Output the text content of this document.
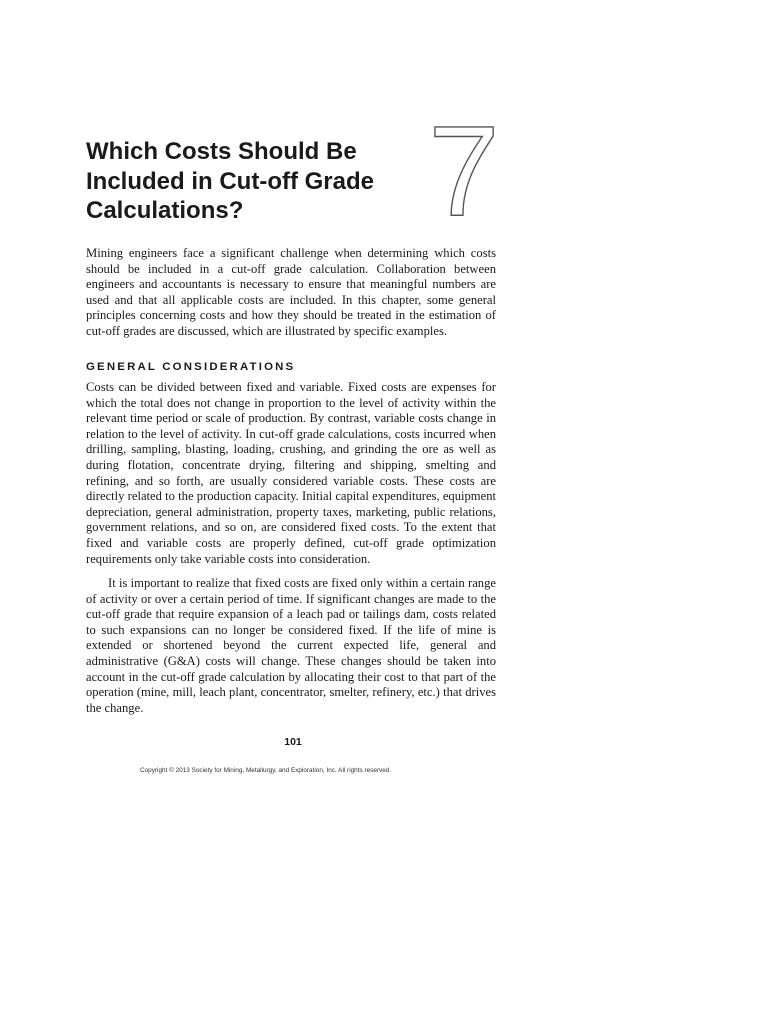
Which Costs Should Be Included in Cut-off Grade Calculations?	7

Mining engineers face a significant challenge when determining which costs should be included in a cut-off grade calculation. Collaboration between engineers and accountants is necessary to ensure that meaningful numbers are used and that all applicable costs are included. In this chapter, some general principles concerning costs and how they should be treated in the estimation of cut-off grades are discussed, which are illustrated by specific examples.

GENERAL CONSIDERATIONS

Costs can be divided between fixed and variable. Fixed costs are expenses for which the total does not change in proportion to the level of activity within the relevant time period or scale of production. By contrast, variable costs change in relation to the level of activity. In cut-off grade calculations, costs incurred when drilling, sampling, blasting, loading, crushing, and grinding the ore as well as during flotation, concentrate drying, filtering and shipping, smelting and refining, and so forth, are usually considered variable costs. These costs are directly related to the production capacity. Initial capital expenditures, equipment depreciation, general administration, property taxes, marketing, public relations, government relations, and so on, are considered fixed costs. To the extent that fixed and variable costs are properly defined, cut-off grade optimization requirements only take variable costs into consideration.

It is important to realize that fixed costs are fixed only within a certain range of activity or over a certain period of time. If significant changes are made to the cut-off grade that require expansion of a leach pad or tailings dam, costs related to such expansions can no longer be considered fixed. If the life of mine is extended or shortened beyond the current expected life, general and administrative (G&A) costs will change. These changes should be taken into account in the cut-off grade calculation by allocating their cost to that part of the operation (mine, mill, leach plant, concentrator, smelter, refinery, etc.) that drives the change.

101
Copyright © 2013 Society for Mining, Metallurgy, and Exploration, Inc. All rights reserved.
